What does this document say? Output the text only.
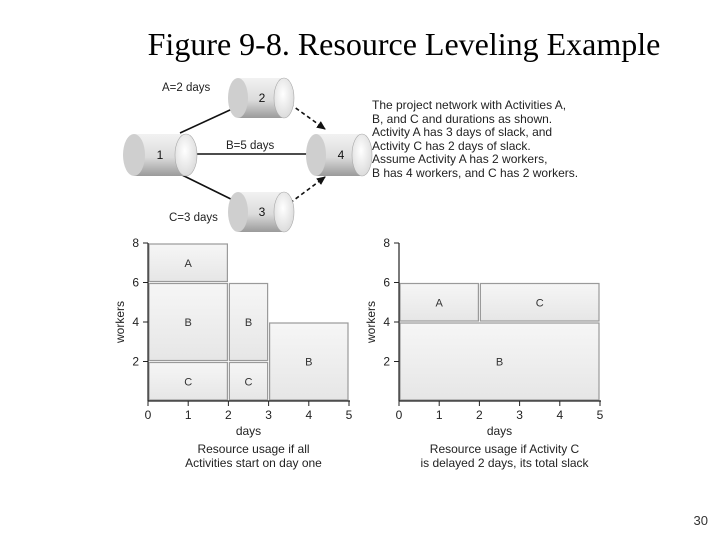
Figure 9-8. Resource Leveling Example
1
2
3
4
A=2 days
B=5 days
C=3 days
C
B
A
C
B
B
0	1	2	3	4	5
2
4
6
8
days
workers
Resource usage if all
Activities start on day one
B
A	C
0	1	2	3	4	5
2
4
6
8
days
workers
Resource usage if Activity C
is delayed 2 days, its total slack
The project network with Activities A,
B, and C and durations as shown.
Activity A has 3 days of slack, and
Activity C has 2 days of slack.
Assume Activity A has 2 workers,
B has 4 workers, and C has 2 workers.
30
